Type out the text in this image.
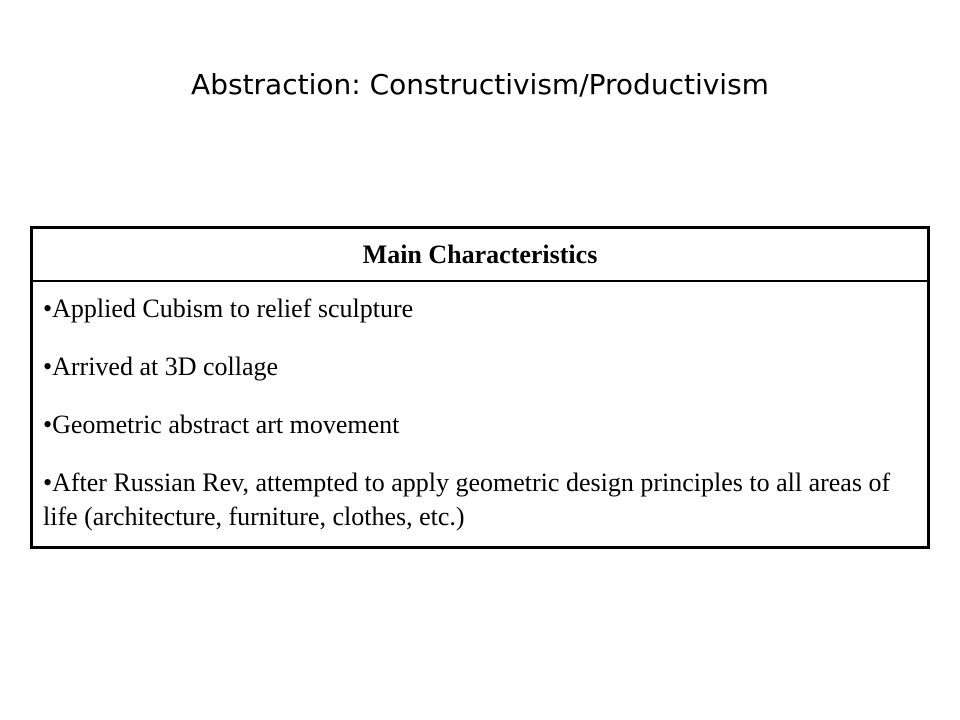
Abstraction: Constructivism/Productivism
Main Characteristics
•Applied Cubism to relief sculpture
•Arrived at 3D collage
•Geometric abstract art movement
•After Russian Rev, attempted to apply geometric design principles to all areas of life (architecture, furniture, clothes, etc.)
